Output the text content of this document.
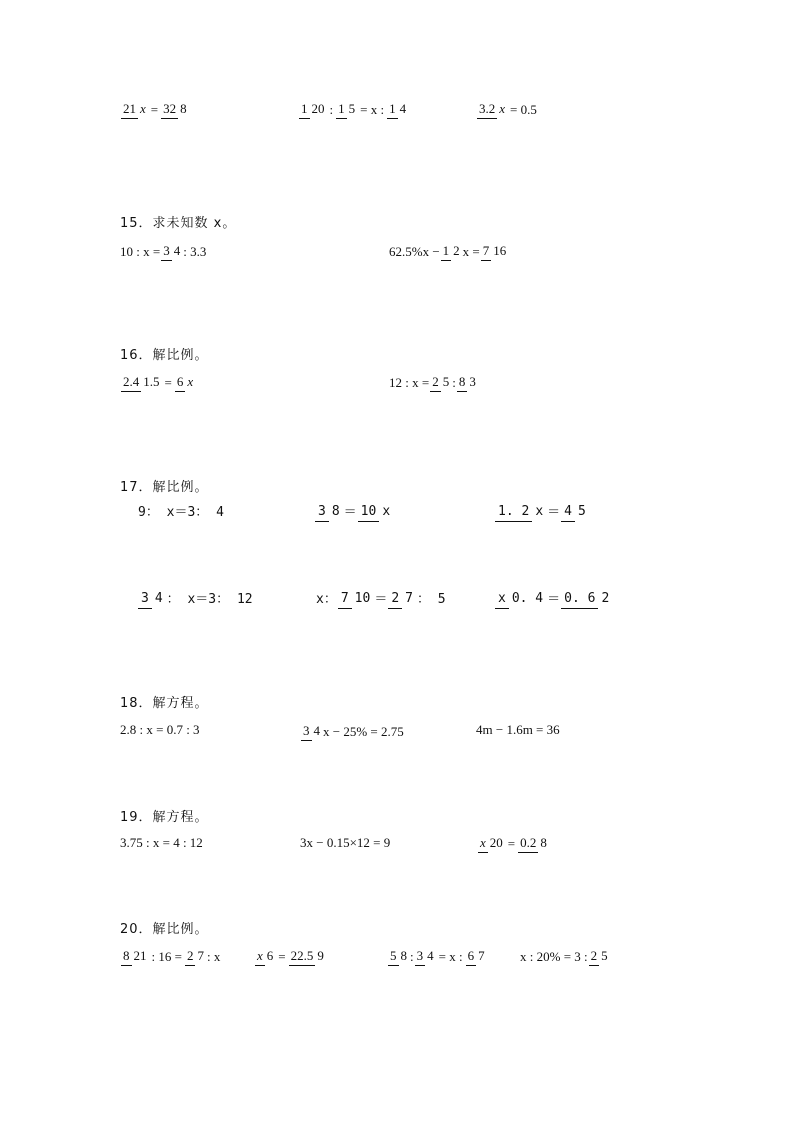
21 x = 32 8	1 20 : 1 5 = x : 1 4	3.2 x = 0.5
15．求未知数 x。
10 : x = 3 4 : 3.3	62.5%x − 1 2 x = 7 16
16．解比例。
2.4 1.5 = 6 x	12 : x = 2 5 : 8 3
17．解比例。
9： x＝3： 4	3 8 ＝ 10 x	1. 2 x ＝ 4 5
3 4 ： x＝3： 12	x： 7 10 ＝ 2 7 ： 5	x 0. 4 ＝ 0. 6 2
18．解方程。
2.8 : x = 0.7 : 3	3 4 x − 25% = 2.75	4m − 1.6m = 36
19．解方程。
3.75 : x = 4 : 12	3x − 0.15×12 = 9	x 20 = 0.2 8
20．解比例。
8 21 : 16 = 2 7 : x	x 6 = 22.5 9	5 8 : 3 4 = x : 6 7	x : 20% = 3 : 2 5
